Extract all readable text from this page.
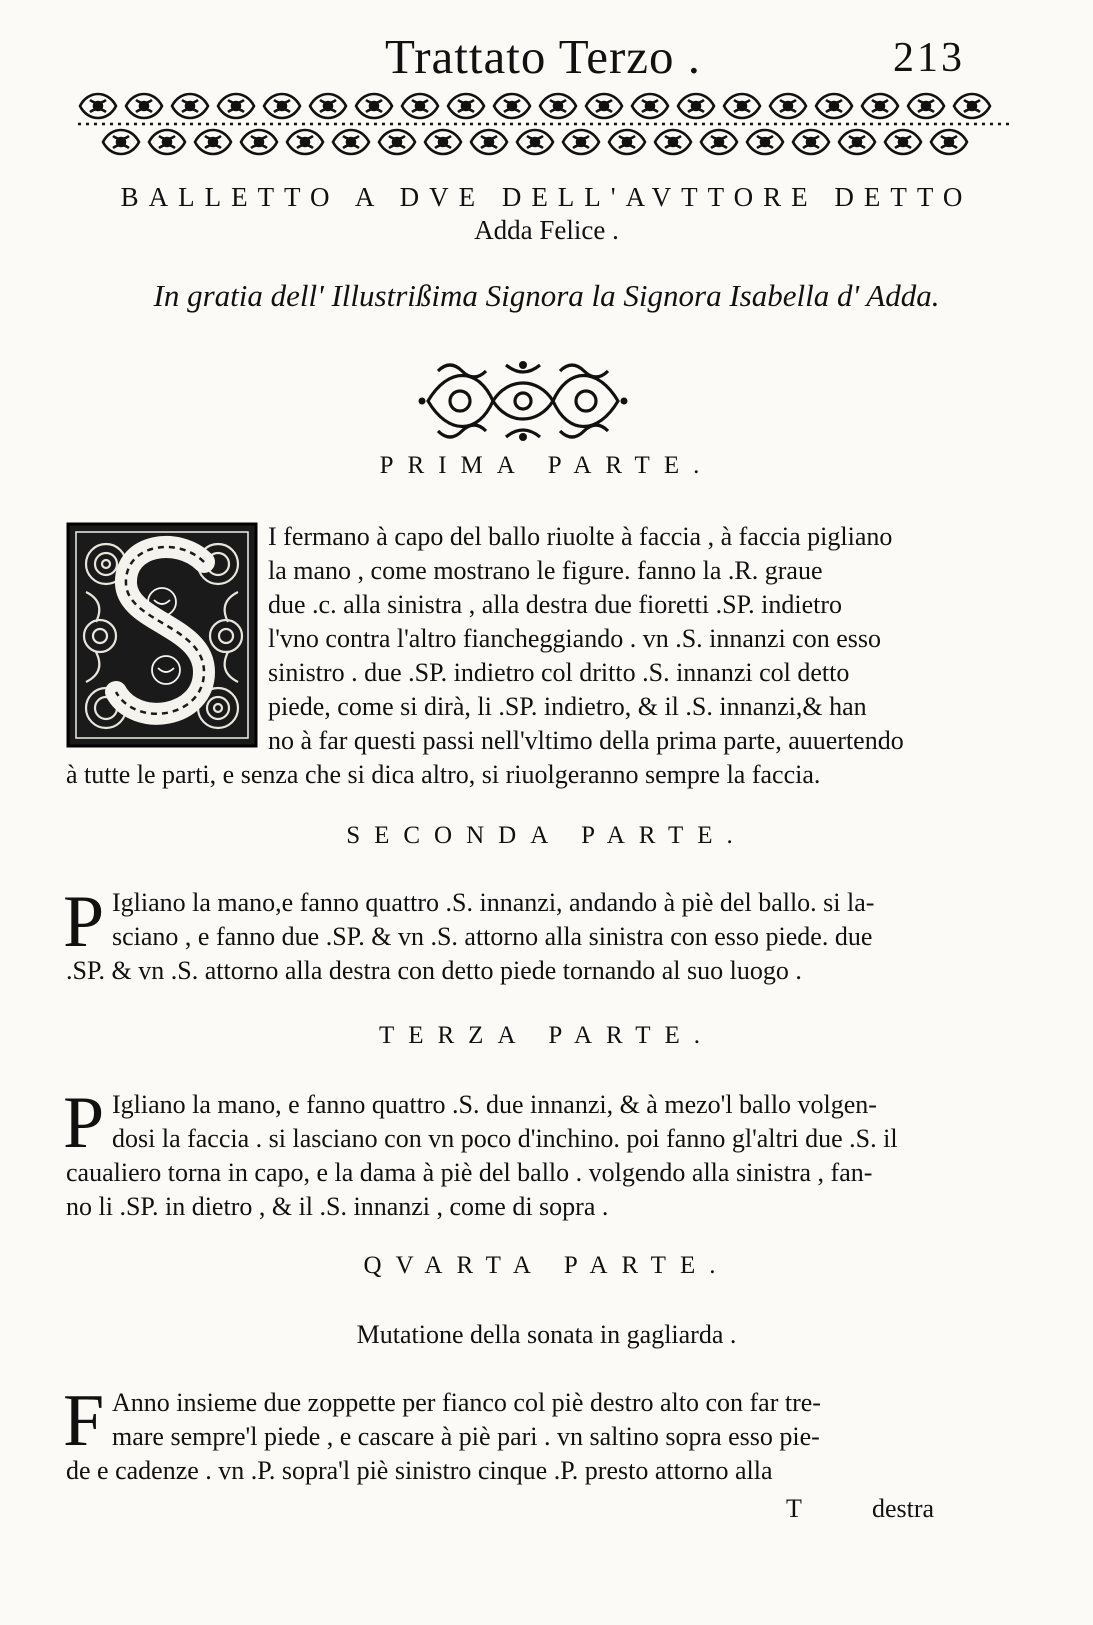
Trattato Terzo .	213
BALLETTO A DVE DELL'AVTTORE DETTO
Adda Felice .
In gratia dell' Illustrißima Signora la Signora Isabella d' Adda.
PRIMA PARTE.
I fermano à capo del ballo riuolte à faccia , à faccia pigliano
la mano , come mostrano le figure. fanno la .R. graue
due .c. alla sinistra , alla destra due fioretti .SP. indietro
l'vno contra l'altro fiancheggiando . vn .S. innanzi con esso
sinistro . due .SP. indietro col dritto .S. innanzi col detto
piede, come si dirà, li .SP. indietro, & il .S. innanzi,& han
no à far questi passi nell'vltimo della prima parte, auuertendo
à tutte le parti, e senza che si dica altro, si riuolgeranno sempre la faccia.
SECONDA PARTE.
P Igliano la mano,e fanno quattro .S. innanzi, andando à piè del ballo. si la-
sciano , e fanno due .SP. & vn .S. attorno alla sinistra con esso piede. due
.SP. & vn .S. attorno alla destra con detto piede tornando al suo luogo .
TERZA PARTE.
P Igliano la mano, e fanno quattro .S. due innanzi, & à mezo'l ballo volgen-
dosi la faccia . si lasciano con vn poco d'inchino. poi fanno gl'altri due .S. il
caualiero torna in capo, e la dama à piè del ballo . volgendo alla sinistra , fan-
no li .SP. in dietro , & il .S. innanzi , come di sopra .
QVARTA PARTE.
Mutatione della sonata in gagliarda .
F Anno insieme due zoppette per fianco col piè destro alto con far tre-
mare sempre'l piede , e cascare à piè pari . vn saltino sopra esso pie-
de e cadenze . vn .P. sopra'l piè sinistro cinque .P. presto attorno alla
T	destra
